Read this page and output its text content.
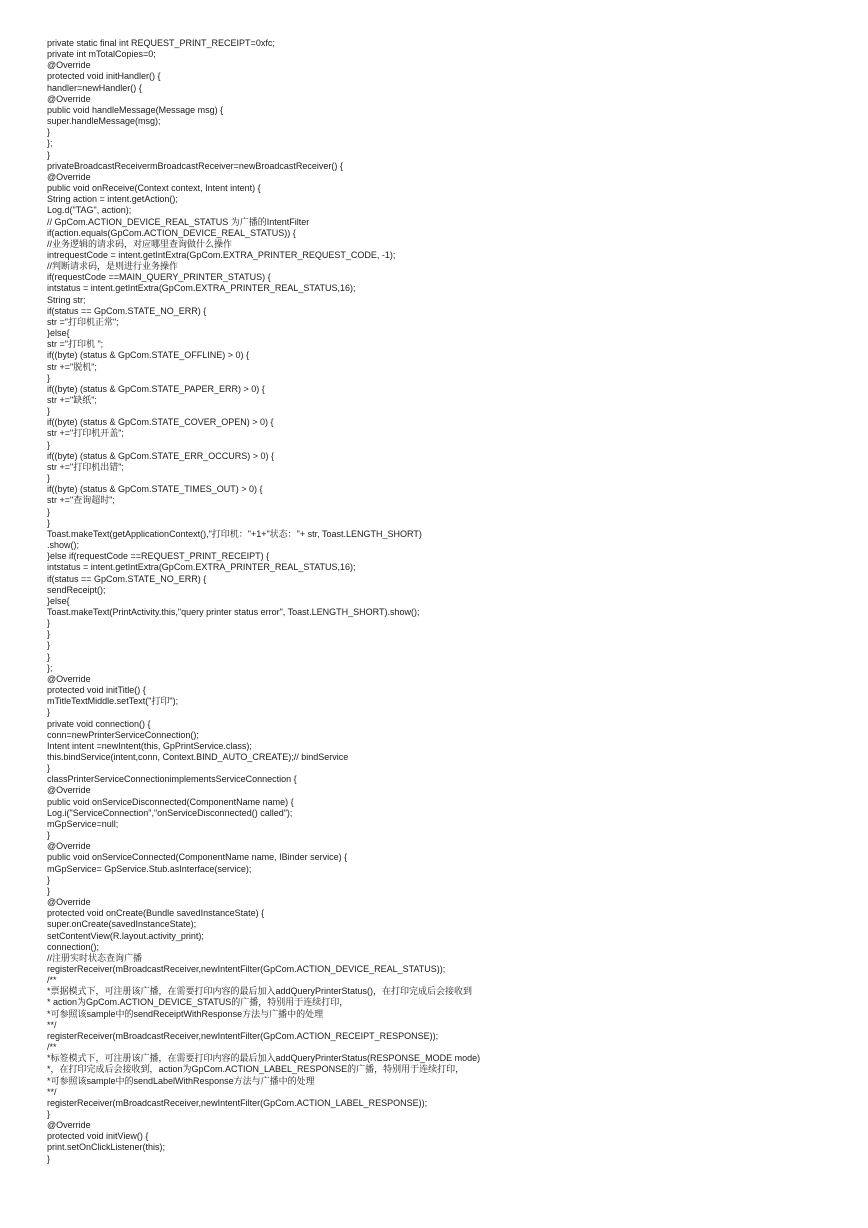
private static final int REQUEST_PRINT_RECEIPT=0xfc;
private int mTotalCopies=0;
@Override
protected void initHandler() {
handler=newHandler() {
@Override
public void handleMessage(Message msg) {
super.handleMessage(msg);
}
};
}
privateBroadcastReceivermBroadcastReceiver=newBroadcastReceiver() {
@Override
public void onReceive(Context context, Intent intent) {
String action = intent.getAction();
Log.d("TAG", action);
// GpCom.ACTION_DEVICE_REAL_STATUS 为广播的IntentFilter
if(action.equals(GpCom.ACTION_DEVICE_REAL_STATUS)) {
//业务逻辑的请求码，对应哪里查询做什么操作
intrequestCode = intent.getIntExtra(GpCom.EXTRA_PRINTER_REQUEST_CODE, -1);
//判断请求码，是则进行业务操作
if(requestCode ==MAIN_QUERY_PRINTER_STATUS) {
intstatus = intent.getIntExtra(GpCom.EXTRA_PRINTER_REAL_STATUS,16);
String str;
if(status == GpCom.STATE_NO_ERR) {
str ="打印机正常";
}else{
str ="打印机 ";
if((byte) (status & GpCom.STATE_OFFLINE) > 0) {
str +="脱机";
}
if((byte) (status & GpCom.STATE_PAPER_ERR) > 0) {
str +="缺纸";
}
if((byte) (status & GpCom.STATE_COVER_OPEN) > 0) {
str +="打印机开盖";
}
if((byte) (status & GpCom.STATE_ERR_OCCURS) > 0) {
str +="打印机出错";
}
if((byte) (status & GpCom.STATE_TIMES_OUT) > 0) {
str +="查询超时";
}
}
Toast.makeText(getApplicationContext(),"打印机："+1+"状态："+ str, Toast.LENGTH_SHORT)
.show();
}else if(requestCode ==REQUEST_PRINT_RECEIPT) {
intstatus = intent.getIntExtra(GpCom.EXTRA_PRINTER_REAL_STATUS,16);
if(status == GpCom.STATE_NO_ERR) {
sendReceipt();
}else{
Toast.makeText(PrintActivity.this,"query printer status error", Toast.LENGTH_SHORT).show();
}
}
}
}
};
@Override
protected void initTitle() {
mTitleTextMiddle.setText("打印");
}
private void connection() {
conn=newPrinterServiceConnection();
Intent intent =newIntent(this, GpPrintService.class);
this.bindService(intent,conn, Context.BIND_AUTO_CREATE);// bindService
}
classPrinterServiceConnectionimplementsServiceConnection {
@Override
public void onServiceDisconnected(ComponentName name) {
Log.i("ServiceConnection","onServiceDisconnected() called");
mGpService=null;
}
@Override
public void onServiceConnected(ComponentName name, IBinder service) {
mGpService= GpService.Stub.asInterface(service);
}
}
@Override
protected void onCreate(Bundle savedInstanceState) {
super.onCreate(savedInstanceState);
setContentView(R.layout.activity_print);
connection();
//注册实时状态查询广播
registerReceiver(mBroadcastReceiver,newIntentFilter(GpCom.ACTION_DEVICE_REAL_STATUS));
/**
*票据模式下，可注册该广播，在需要打印内容的最后加入addQueryPrinterStatus()，在打印完成后会接收到
* action为GpCom.ACTION_DEVICE_STATUS的广播，特别用于连续打印，
*可参照该sample中的sendReceiptWithResponse方法与广播中的处理
**/
registerReceiver(mBroadcastReceiver,newIntentFilter(GpCom.ACTION_RECEIPT_RESPONSE));
/**
*标签模式下，可注册该广播，在需要打印内容的最后加入addQueryPrinterStatus(RESPONSE_MODE mode)
*，在打印完成后会接收到，action为GpCom.ACTION_LABEL_RESPONSE的广播，特别用于连续打印，
*可参照该sample中的sendLabelWithResponse方法与广播中的处理
**/
registerReceiver(mBroadcastReceiver,newIntentFilter(GpCom.ACTION_LABEL_RESPONSE));
}
@Override
protected void initView() {
print.setOnClickListener(this);
}
